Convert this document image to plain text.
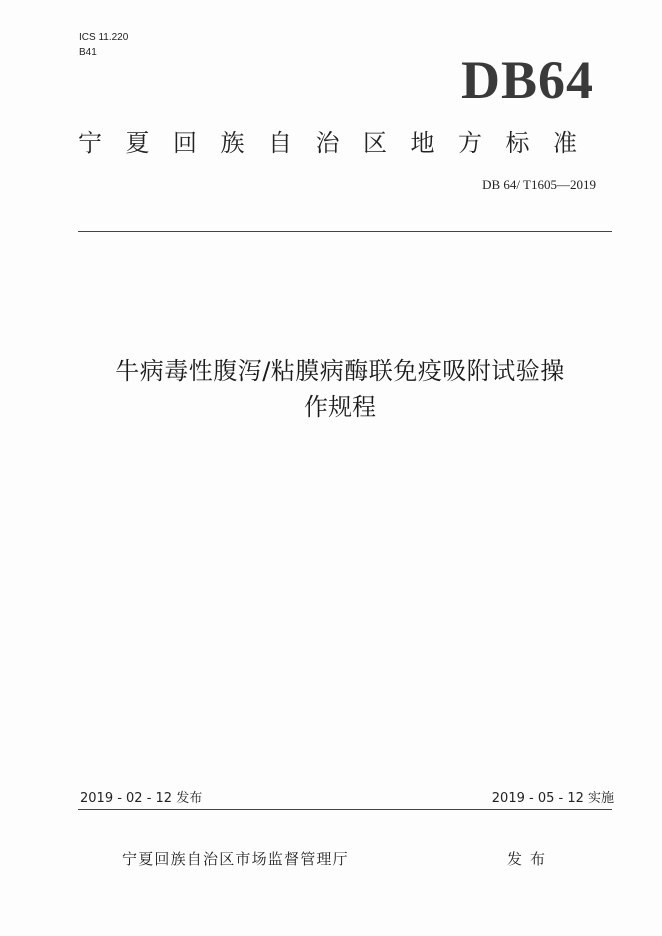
ICS 11.220
B41	DB64
宁夏回族自治区地方标准
DB 64/ T1605—2019
牛病毒性腹泻/粘膜病酶联免疫吸附试验操
作规程
2019 - 02 - 12 发布	2019 - 05 - 12 实施
宁夏回族自治区市场监督管理厅	发布
